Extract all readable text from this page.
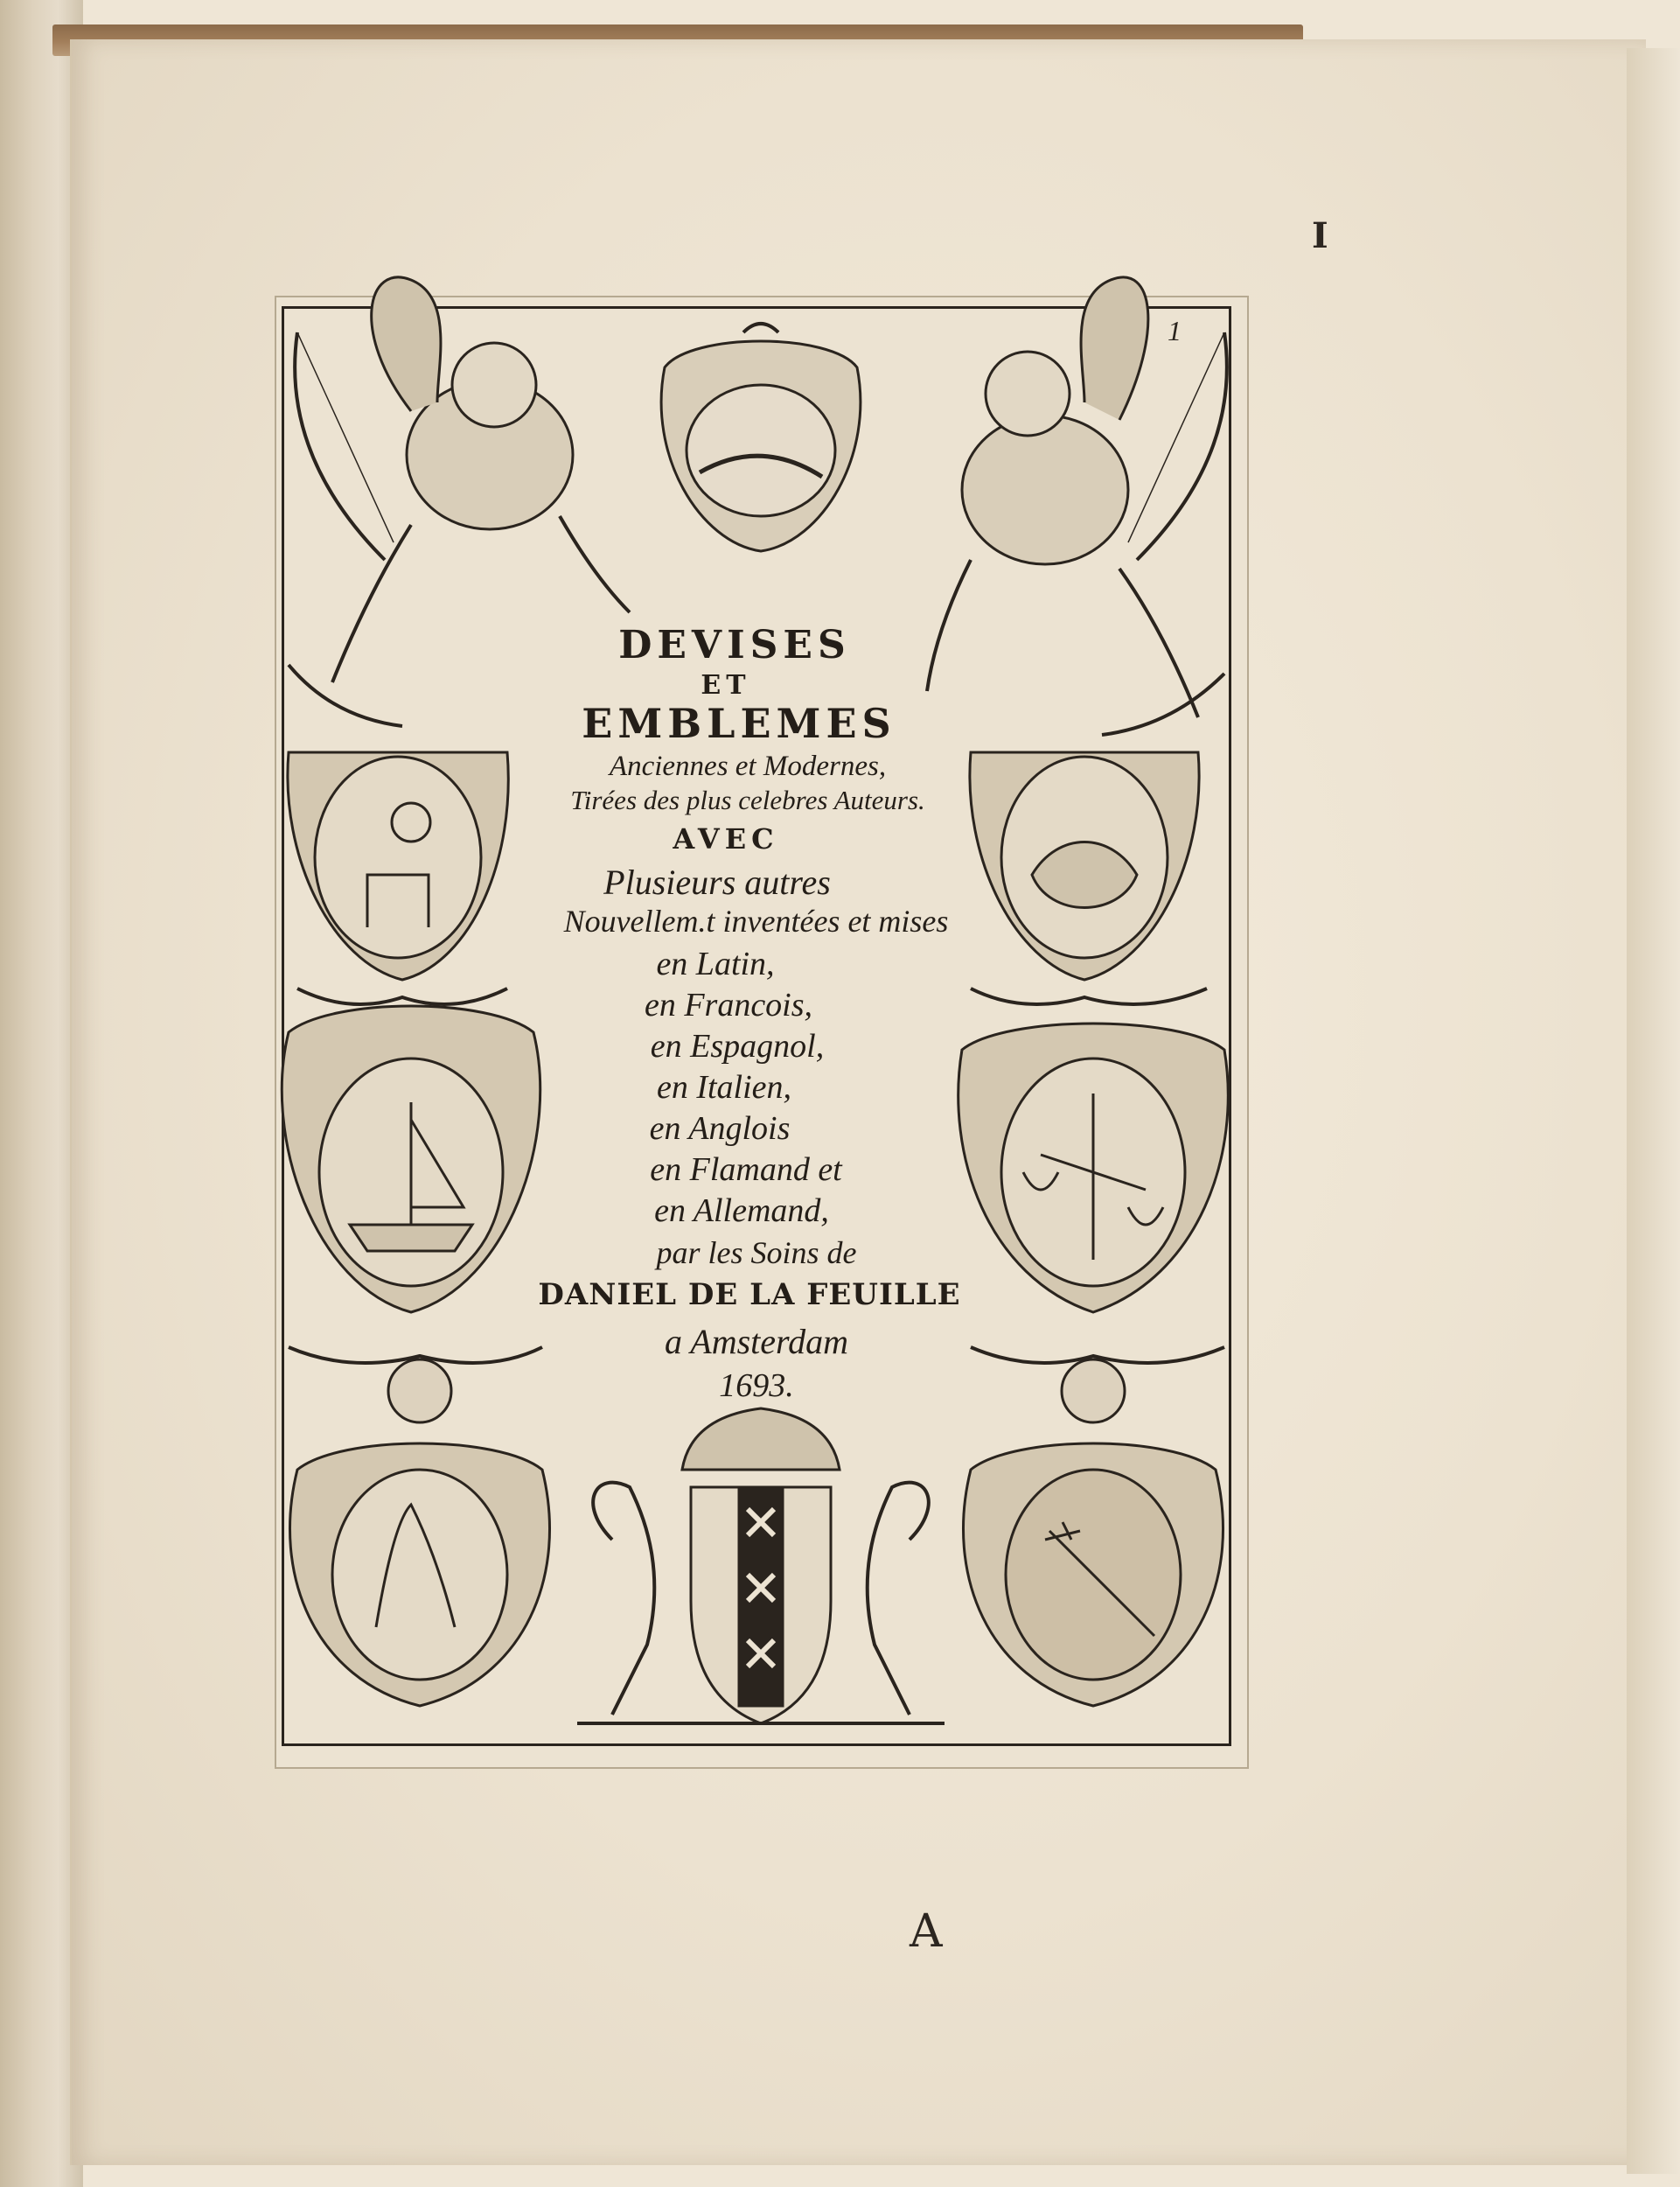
I
A
1
DEVISES
ET
EMBLEMES
Anciennes et Modernes,
Tirées des plus celebres Auteurs.
AVEC
Plusieurs autres
Nouvellem.t inventées et mises
en Latin,
en Francois,
en Espagnol,
en Italien,
en Anglois
en Flamand et
en Allemand,
par les Soins de
DANIEL DE LA FEUILLE
a Amsterdam
1693.
